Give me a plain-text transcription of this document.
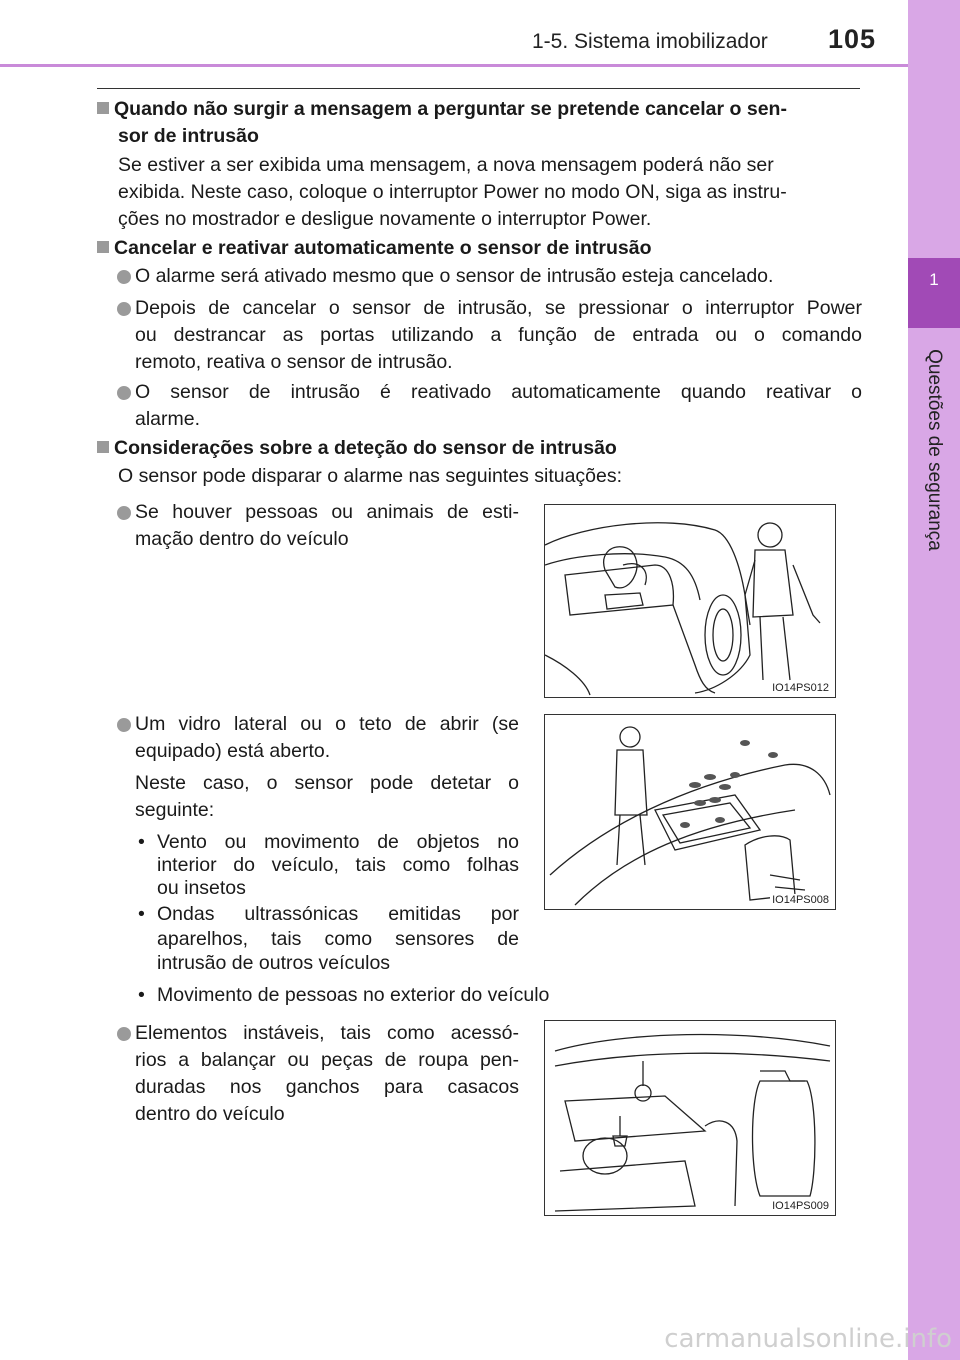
1-5. Sistema imobilizador 105
1
Questões de segurança
Quando não surgir a mensagem a perguntar se pretende cancelar o sen-
sor de intrusão
Se estiver a ser exibida uma mensagem, a nova mensagem poderá não ser
exibida. Neste caso, coloque o interruptor Power no modo ON, siga as instru-
ções no mostrador e desligue novamente o interruptor Power.
Cancelar e reativar automaticamente o sensor de intrusão
O alarme será ativado mesmo que o sensor de intrusão esteja cancelado.
Depois de cancelar o sensor de intrusão, se pressionar o interruptor Power
ou destrancar as portas utilizando a função de entrada ou o comando
remoto, reativa o sensor de intrusão.
O sensor de intrusão é reativado automaticamente quando reativar o
alarme.
Considerações sobre a deteção do sensor de intrusão
O sensor pode disparar o alarme nas seguintes situações:
Se houver pessoas ou animais de esti-
mação dentro do veículo
Um vidro lateral ou o teto de abrir (se
equipado) está aberto.
Neste caso, o sensor pode detetar o
seguinte:
• Vento ou movimento de objetos no
interior do veículo, tais como folhas
ou insetos
• Ondas ultrassónicas emitidas por
aparelhos, tais como sensores de
intrusão de outros veículos
• Movimento de pessoas no exterior do veículo
Elementos instáveis, tais como acessó-
rios a balançar ou peças de roupa pen-
duradas nos ganchos para casacos
dentro do veículo
IO14PS012
IO14PS008
IO14PS009
carmanualsonline.info
